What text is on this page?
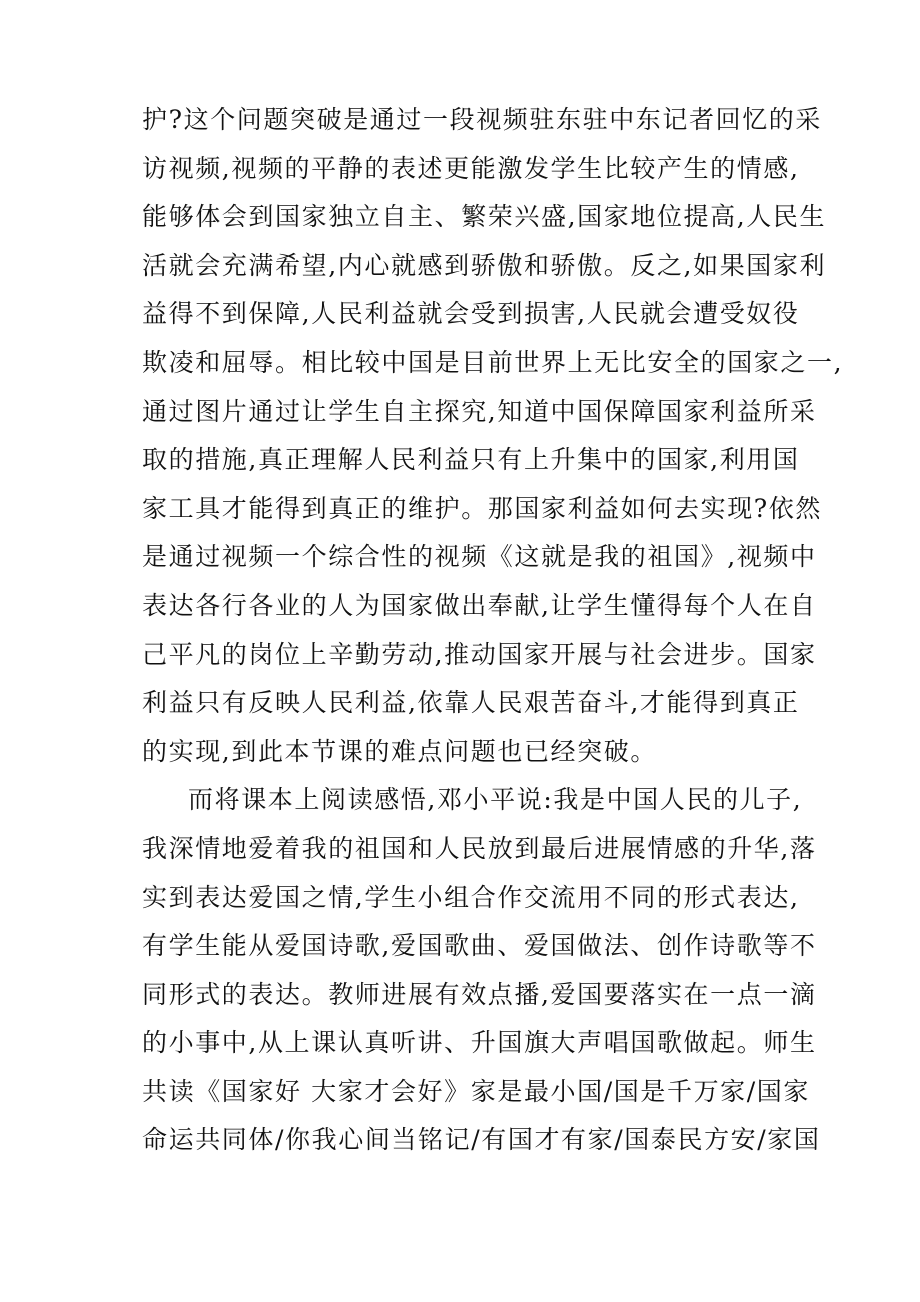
护?这个问题突破是通过一段视频驻东驻中东记者回忆的采
访视频,视频的平静的表述更能激发学生比较产生的情感,
能够体会到国家独立自主、繁荣兴盛,国家地位提高,人民生
活就会充满希望,内心就感到骄傲和骄傲。反之,如果国家利
益得不到保障,人民利益就会受到损害,人民就会遭受奴役
欺凌和屈辱。相比较中国是目前世界上无比安全的国家之一,
通过图片通过让学生自主探究,知道中国保障国家利益所采
取的措施,真正理解人民利益只有上升集中的国家,利用国
家工具才能得到真正的维护。那国家利益如何去实现?依然
是通过视频一个综合性的视频《这就是我的祖国》,视频中
表达各行各业的人为国家做出奉献,让学生懂得每个人在自
己平凡的岗位上辛勤劳动,推动国家开展与社会进步。国家
利益只有反映人民利益,依靠人民艰苦奋斗,才能得到真正
的实现,到此本节课的难点问题也已经突破。
而将课本上阅读感悟,邓小平说:我是中国人民的儿子,
我深情地爱着我的祖国和人民放到最后进展情感的升华,落
实到表达爱国之情,学生小组合作交流用不同的形式表达,
有学生能从爱国诗歌,爱国歌曲、爱国做法、创作诗歌等不
同形式的表达。教师进展有效点播,爱国要落实在一点一滴
的小事中,从上课认真听讲、升国旗大声唱国歌做起。师生
共读《国家好 大家才会好》家是最小国/国是千万家/国家
命运共同体/你我心间当铭记/有国才有家/国泰民方安/家国
